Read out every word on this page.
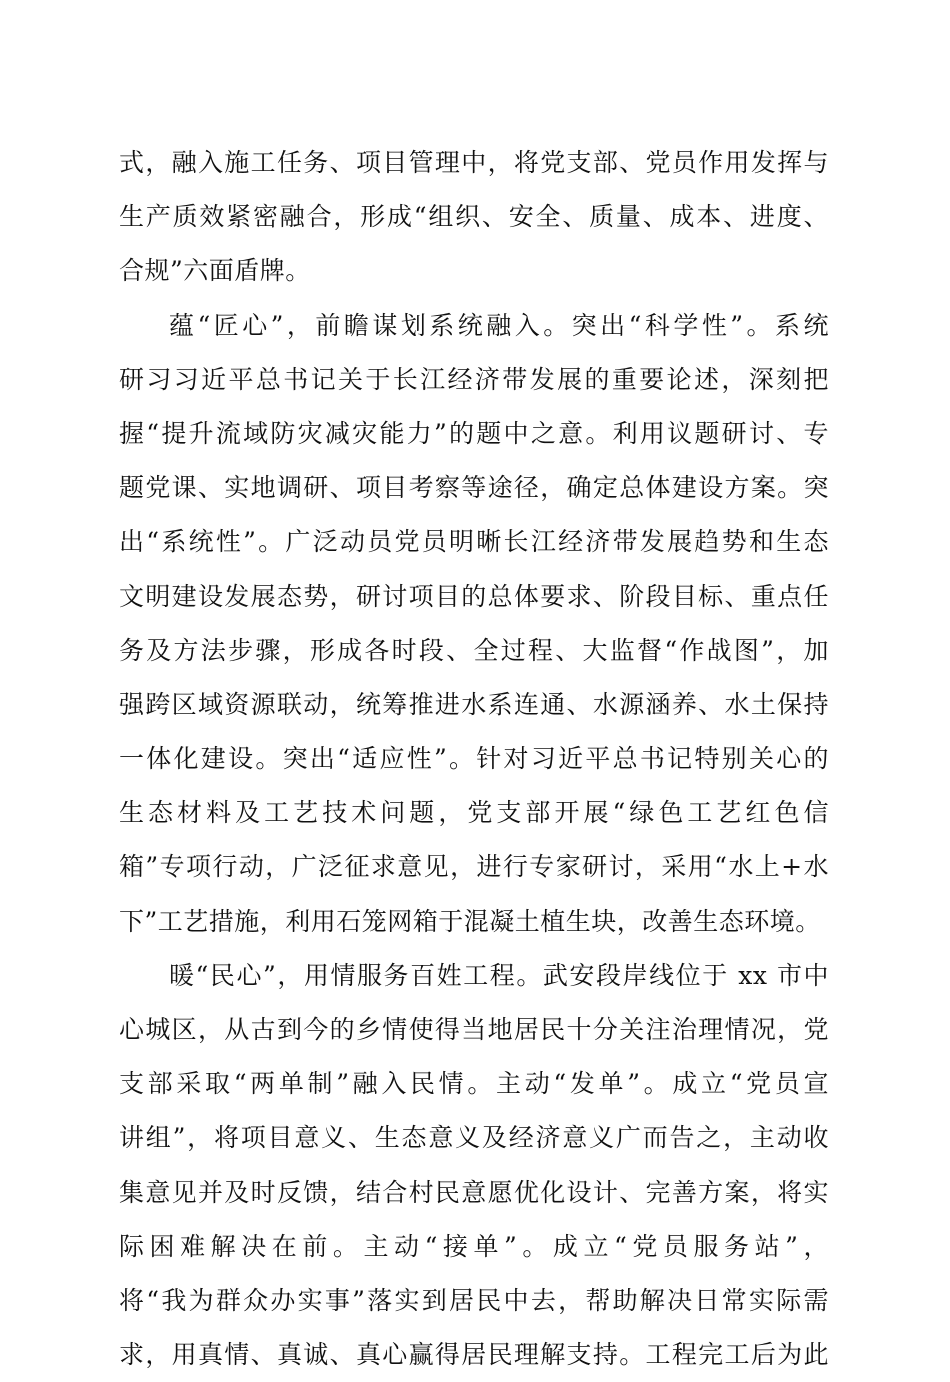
式，融入施工任务、项目管理中，将党支部、党员作用发挥与
生产质效紧密融合，形成“组织、安全、质量、成本、进度、
合规”六面盾牌。
蕴“匠心”，前瞻谋划系统融入。突出“科学性”。系统
研习习近平总书记关于长江经济带发展的重要论述，深刻把
握“提升流域防灾减灾能力”的题中之意。利用议题研讨、专
题党课、实地调研、项目考察等途径，确定总体建设方案。突
出“系统性”。广泛动员党员明晰长江经济带发展趋势和生态
文明建设发展态势，研讨项目的总体要求、阶段目标、重点任
务及方法步骤，形成各时段、全过程、大监督“作战图”，加
强跨区域资源联动，统筹推进水系连通、水源涵养、水土保持
一体化建设。突出“适应性”。针对习近平总书记特别关心的
生态材料及工艺技术问题，党支部开展“绿色工艺红色信
箱”专项行动，广泛征求意见，进行专家研讨，采用“水上+水
下”工艺措施，利用石笼网箱于混凝土植生块，改善生态环境。
暖“民心”，用情服务百姓工程。武安段岸线位于 xx 市中
心城区，从古到今的乡情使得当地居民十分关注治理情况，党
支部采取“两单制”融入民情。主动“发单”。成立“党员宣
讲组”，将项目意义、生态意义及经济意义广而告之，主动收
集意见并及时反馈，结合村民意愿优化设计、完善方案，将实
际困难解决在前。主动“接单”。成立“党员服务站”，
将“我为群众办实事”落实到居民中去，帮助解决日常实际需
求，用真情、真诚、真心赢得居民理解支持。工程完工后为此
